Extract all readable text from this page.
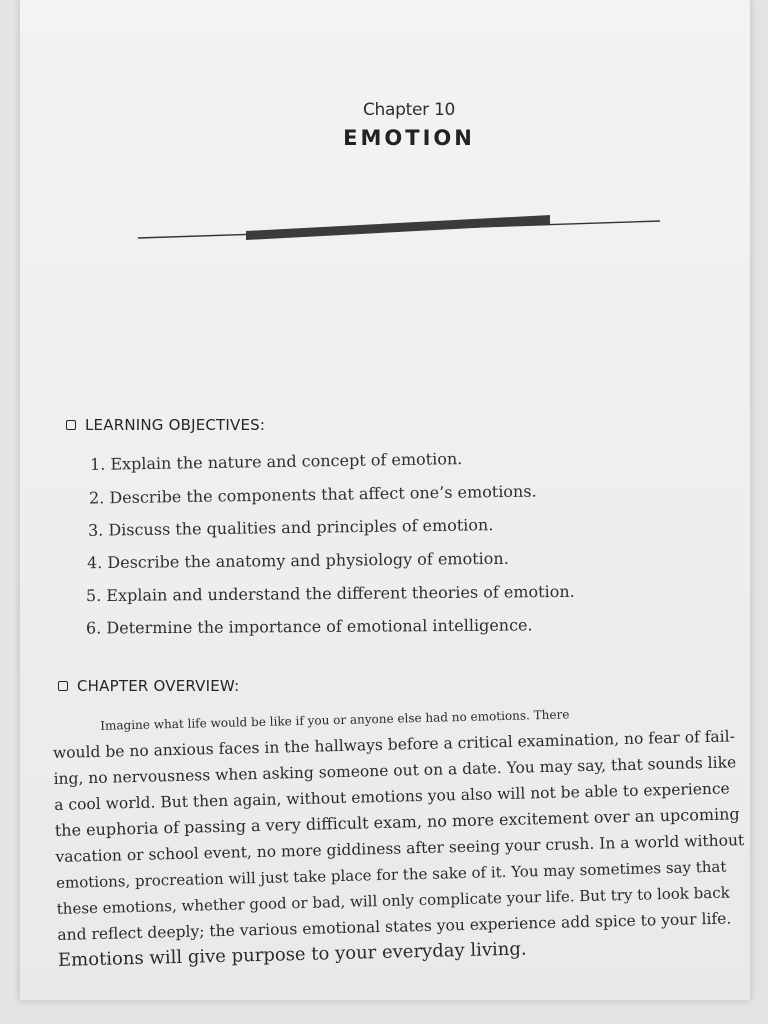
Chapter 10
EMOTION
LEARNING OBJECTIVES:
1. Explain the nature and concept of emotion.
2. Describe the components that affect one’s emotions.
3. Discuss the qualities and principles of emotion.
4. Describe the anatomy and physiology of emotion.
5. Explain and understand the different theories of emotion.
6. Determine the importance of emotional intelligence.
CHAPTER OVERVIEW:
Imagine what life would be like if you or anyone else had no emotions. There
would be no anxious faces in the hallways before a critical examination, no fear of fail-
ing, no nervousness when asking someone out on a date. You may say, that sounds like
a cool world. But then again, without emotions you also will not be able to experience
the euphoria of passing a very difficult exam, no more excitement over an upcoming
vacation or school event, no more giddiness after seeing your crush. In a world without
emotions, procreation will just take place for the sake of it. You may sometimes say that
these emotions, whether good or bad, will only complicate your life. But try to look back
and reflect deeply; the various emotional states you experience add spice to your life.
Emotions will give purpose to your everyday living.
